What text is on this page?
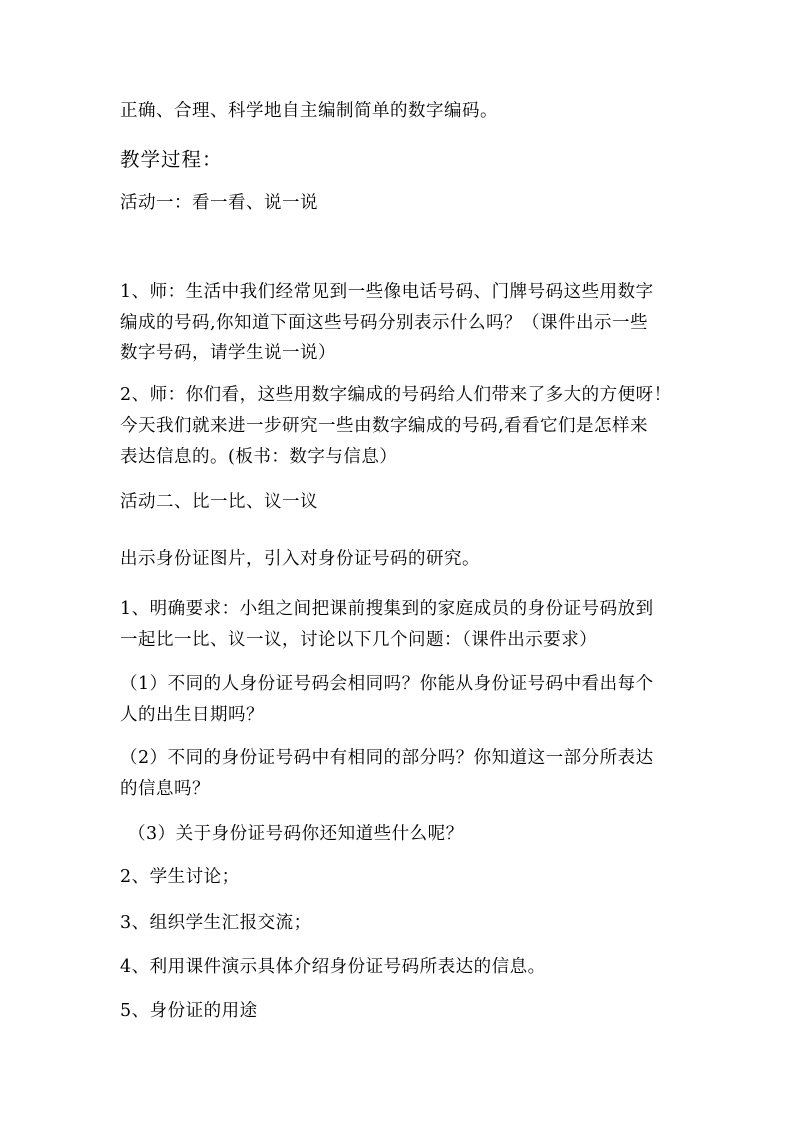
正确、合理、科学地自主编制简单的数字编码。
教学过程：
活动一：看一看、说一说
1、师：生活中我们经常见到一些像电话号码、门牌号码这些用数字
编成的号码,你知道下面这些号码分别表示什么吗？（课件出示一些
数字号码，请学生说一说）
2、师：你们看，这些用数字编成的号码给人们带来了多大的方便呀！
今天我们就来进一步研究一些由数字编成的号码,看看它们是怎样来
表达信息的。(板书：数字与信息）
活动二、比一比、议一议
出示身份证图片，引入对身份证号码的研究。
1、明确要求：小组之间把课前搜集到的家庭成员的身份证号码放到
一起比一比、议一议，讨论以下几个问题：（课件出示要求）
（1）不同的人身份证号码会相同吗？你能从身份证号码中看出每个
人的出生日期吗？
（2）不同的身份证号码中有相同的部分吗？你知道这一部分所表达
的信息吗？
（3）关于身份证号码你还知道些什么呢？
2、学生讨论；
3、组织学生汇报交流；
4、利用课件演示具体介绍身份证号码所表达的信息。
5、身份证的用途
